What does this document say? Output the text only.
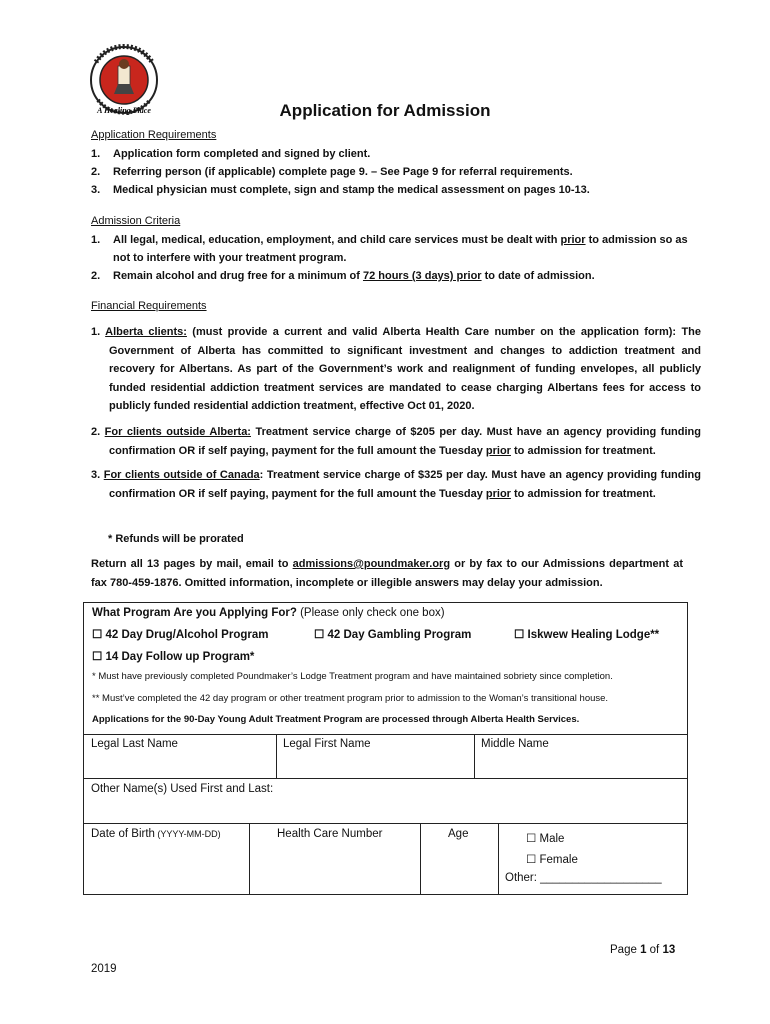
A Healing Place	Application for Admission
Application Requirements
1.	Application form completed and signed by client.
2.	Referring person (if applicable) complete page 9. – See Page 9 for referral requirements.
3.	Medical physician must complete, sign and stamp the medical assessment on pages 10-13.
Admission Criteria
1.	All legal, medical, education, employment, and child care services must be dealt with prior to admission so as not to interfere with your treatment program.
2.	Remain alcohol and drug free for a minimum of 72 hours (3 days) prior to date of admission.
Financial Requirements
1. Alberta clients: (must provide a current and valid Alberta Health Care number on the application form): The Government of Alberta has committed to significant investment and changes to addiction treatment and recovery for Albertans. As part of the Government’s work and realignment of funding envelopes, all publicly funded residential addiction treatment services are mandated to cease charging Albertans fees for access to publicly funded residential addiction treatment, effective Oct 01, 2020.
2. For clients outside Alberta: Treatment service charge of $205 per day. Must have an agency providing funding confirmation OR if self paying, payment for the full amount the Tuesday prior to admission for treatment.
3. For clients outside of Canada: Treatment service charge of $325 per day. Must have an agency providing funding confirmation OR if self paying, payment for the full amount the Tuesday prior to admission for treatment.
* Refunds will be prorated
Return all 13 pages by mail, email to admissions@poundmaker.org or by fax to our Admissions department at fax 780-459-1876. Omitted information, incomplete or illegible answers may delay your admission.
What Program Are you Applying For? (Please only check one box)
☐ 42 Day Drug/Alcohol Program	☐ 42 Day Gambling Program	☐ Iskwew Healing Lodge**
☐ 14 Day Follow up Program*
* Must have previously completed Poundmaker’s Lodge Treatment program and have maintained sobriety since completion.
** Must’ve completed the 42 day program or other treatment program prior to admission to the Woman’s transitional house.
Applications for the 90-Day Young Adult Treatment Program are processed through Alberta Health Services.
Legal Last Name	Legal First Name	Middle Name
Other Name(s) Used First and Last:
Date of Birth (YYYY-MM-DD)	Health Care Number	Age	☐ Male
☐ Female
Other: ___________________
Page 1 of 13
2019
